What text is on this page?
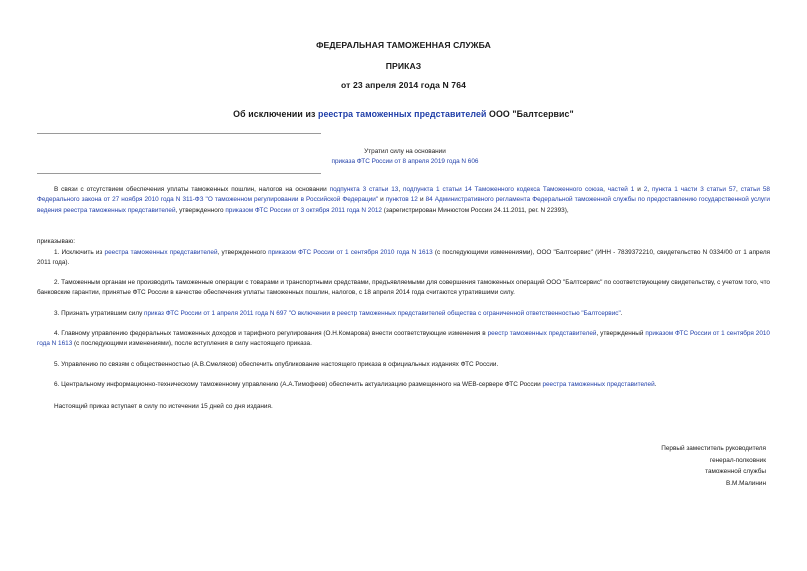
ФЕДЕРАЛЬНАЯ ТАМОЖЕННАЯ СЛУЖБА
ПРИКАЗ
от 23 апреля 2014 года N 764
Об исключении из реестра таможенных представителей ООО "Балтсервис"
Утратил силу на основании
приказа ФТС России от 8 апреля 2019 года N 606
В связи с отсутствием обеспечения уплаты таможенных пошлин, налогов на основании подпункта 3 статьи 13, подпункта 1 статьи 14 Таможенного кодекса Таможенного союза, частей 1 и 2, пункта 1 части 3 статьи 57, статьи 58 Федерального закона от 27 ноября 2010 года N 311-ФЗ "О таможенном регулировании в Российской Федерации" и пунктов 12 и 84 Административного регламента Федеральной таможенной службы по предоставлению государственной услуги ведения реестра таможенных представителей, утвержденного приказом ФТС России от 3 октября 2011 года N 2012 (зарегистрирован Минюстом России 24.11.2011, рег. N 22393),
приказываю:
1. Исключить из реестра таможенных представителей, утвержденного приказом ФТС России от 1 сентября 2010 года N 1613 (с последующими изменениями), ООО "Балтсервис" (ИНН - 7839372210, свидетельство N 0334/00 от 1 апреля 2011 года).
2. Таможенным органам не производить таможенные операции с товарами и транспортными средствами, предъявляемыми для совершения таможенных операций ООО "Балтсервис" по соответствующему свидетельству, с учетом того, что банковские гарантии, принятые ФТС России в качестве обеспечения уплаты таможенных пошлин, налогов, с 18 апреля 2014 года считаются утратившими силу.
3. Признать утратившим силу приказ ФТС России от 1 апреля 2011 года N 697 "О включении в реестр таможенных представителей общества с ограниченной ответственностью "Балтсервис".
4. Главному управлению федеральных таможенных доходов и тарифного регулирования (О.Н.Комарова) внести соответствующие изменения в реестр таможенных представителей, утвержденный приказом ФТС России от 1 сентября 2010 года N 1613 (с последующими изменениями), после вступления в силу настоящего приказа.
5. Управлению по связям с общественностью (А.В.Смеляков) обеспечить опубликование настоящего приказа в официальных изданиях ФТС России.
6. Центральному информационно-техническому таможенному управлению (А.А.Тимофеев) обеспечить актуализацию размещенного на WEB-сервере ФТС России реестра таможенных представителей.
Настоящий приказ вступает в силу по истечении 15 дней со дня издания.
Первый заместитель руководителя
генерал-полковник
таможенной службы
В.М.Малинин
